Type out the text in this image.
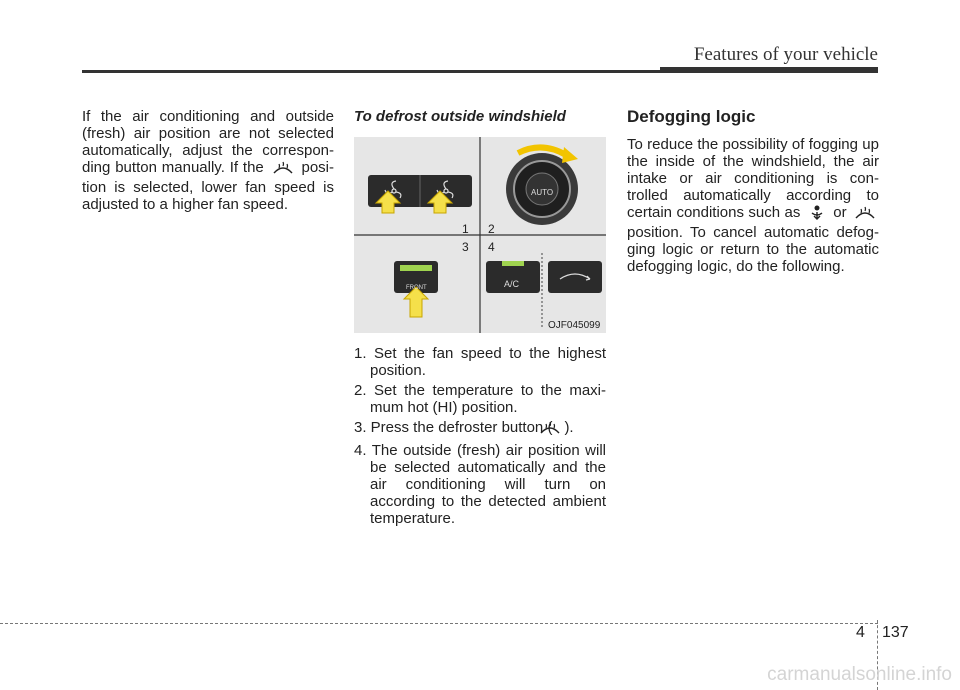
Features of your vehicle

If the air conditioning and outside (fresh) air position are not selected automatically, adjust the correspon- ding button manually. If the	posi- tion is selected, lower fan speed is adjusted to a higher fan speed.

To defrost outside windshield
1 2
3 4
AUTO
FRONT	A/C
OJF045099
1. Set the fan speed to the highest position.
2. Set the temperature to the maxi- mum hot (HI) position.
3. Press the defroster button ( ).
4. The outside (fresh) air position will be selected automatically and the air conditioning will turn on according to the detected ambient temperature.
Defogging logic

To reduce the possibility of fogging up the inside of the windshield, the air intake or air conditioning is con- trolled automatically according to certain conditions such as or  position. To cancel automatic defog- ging logic or return to the automatic defogging logic, do the following.

4 137
carmanualsonline.info
